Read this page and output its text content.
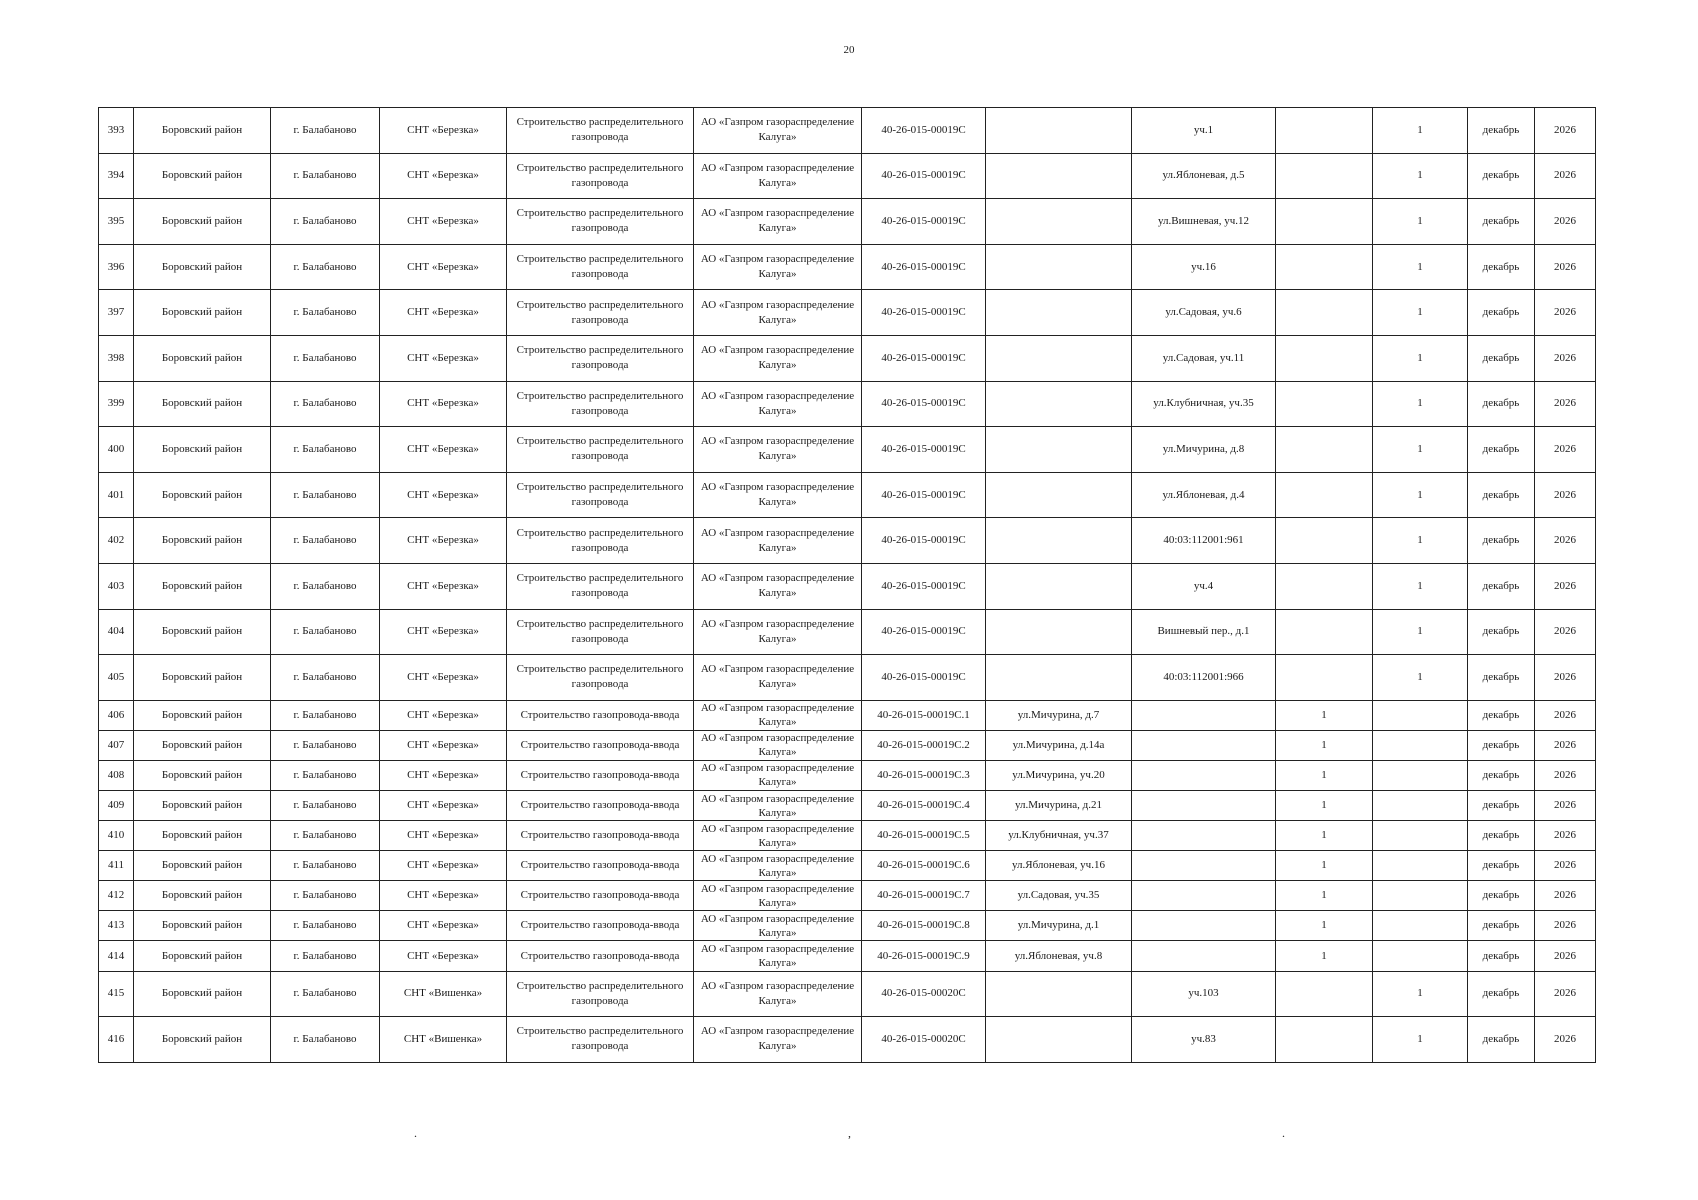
20
393	Боровский район	г. Балабаново	СНТ «Березка»	Строительство распределительного газопровода	АО «Газпром газораспределение Калуга»	40-26-015-00019С		уч.1		1	декабрь	2026
394	Боровский район	г. Балабаново	СНТ «Березка»	Строительство распределительного газопровода	АО «Газпром газораспределение Калуга»	40-26-015-00019С		ул.Яблоневая, д.5		1	декабрь	2026
395	Боровский район	г. Балабаново	СНТ «Березка»	Строительство распределительного газопровода	АО «Газпром газораспределение Калуга»	40-26-015-00019С		ул.Вишневая, уч.12		1	декабрь	2026
396	Боровский район	г. Балабаново	СНТ «Березка»	Строительство распределительного газопровода	АО «Газпром газораспределение Калуга»	40-26-015-00019С		уч.16		1	декабрь	2026
397	Боровский район	г. Балабаново	СНТ «Березка»	Строительство распределительного газопровода	АО «Газпром газораспределение Калуга»	40-26-015-00019С		ул.Садовая, уч.6		1	декабрь	2026
398	Боровский район	г. Балабаново	СНТ «Березка»	Строительство распределительного газопровода	АО «Газпром газораспределение Калуга»	40-26-015-00019С		ул.Садовая, уч.11		1	декабрь	2026
399	Боровский район	г. Балабаново	СНТ «Березка»	Строительство распределительного газопровода	АО «Газпром газораспределение Калуга»	40-26-015-00019С		ул.Клубничная, уч.35		1	декабрь	2026
400	Боровский район	г. Балабаново	СНТ «Березка»	Строительство распределительного газопровода	АО «Газпром газораспределение Калуга»	40-26-015-00019С		ул.Мичурина, д.8		1	декабрь	2026
401	Боровский район	г. Балабаново	СНТ «Березка»	Строительство распределительного газопровода	АО «Газпром газораспределение Калуга»	40-26-015-00019С		ул.Яблоневая, д.4		1	декабрь	2026
402	Боровский район	г. Балабаново	СНТ «Березка»	Строительство распределительного газопровода	АО «Газпром газораспределение Калуга»	40-26-015-00019С		40:03:112001:961		1	декабрь	2026
403	Боровский район	г. Балабаново	СНТ «Березка»	Строительство распределительного газопровода	АО «Газпром газораспределение Калуга»	40-26-015-00019С		уч.4		1	декабрь	2026
404	Боровский район	г. Балабаново	СНТ «Березка»	Строительство распределительного газопровода	АО «Газпром газораспределение Калуга»	40-26-015-00019С		Вишневый пер., д.1		1	декабрь	2026
405	Боровский район	г. Балабаново	СНТ «Березка»	Строительство распределительного газопровода	АО «Газпром газораспределение Калуга»	40-26-015-00019С		40:03:112001:966		1	декабрь	2026
406	Боровский район	г. Балабаново	СНТ «Березка»	Строительство газопровода-ввода	АО «Газпром газораспределение Калуга»	40-26-015-00019С.1	ул.Мичурина, д.7		1		декабрь	2026
407	Боровский район	г. Балабаново	СНТ «Березка»	Строительство газопровода-ввода	АО «Газпром газораспределение Калуга»	40-26-015-00019С.2	ул.Мичурина, д.14а		1		декабрь	2026
408	Боровский район	г. Балабаново	СНТ «Березка»	Строительство газопровода-ввода	АО «Газпром газораспределение Калуга»	40-26-015-00019С.3	ул.Мичурина, уч.20		1		декабрь	2026
409	Боровский район	г. Балабаново	СНТ «Березка»	Строительство газопровода-ввода	АО «Газпром газораспределение Калуга»	40-26-015-00019С.4	ул.Мичурина, д.21		1		декабрь	2026
410	Боровский район	г. Балабаново	СНТ «Березка»	Строительство газопровода-ввода	АО «Газпром газораспределение Калуга»	40-26-015-00019С.5	ул.Клубничная, уч.37		1		декабрь	2026
411	Боровский район	г. Балабаново	СНТ «Березка»	Строительство газопровода-ввода	АО «Газпром газораспределение Калуга»	40-26-015-00019С.6	ул.Яблоневая, уч.16		1		декабрь	2026
412	Боровский район	г. Балабаново	СНТ «Березка»	Строительство газопровода-ввода	АО «Газпром газораспределение Калуга»	40-26-015-00019С.7	ул.Садовая, уч.35		1		декабрь	2026
413	Боровский район	г. Балабаново	СНТ «Березка»	Строительство газопровода-ввода	АО «Газпром газораспределение Калуга»	40-26-015-00019С.8	ул.Мичурина, д.1		1		декабрь	2026
414	Боровский район	г. Балабаново	СНТ «Березка»	Строительство газопровода-ввода	АО «Газпром газораспределение Калуга»	40-26-015-00019С.9	ул.Яблоневая, уч.8		1		декабрь	2026
415	Боровский район	г. Балабаново	СНТ «Вишенка»	Строительство распределительного газопровода	АО «Газпром газораспределение Калуга»	40-26-015-00020С		уч.103		1	декабрь	2026
416	Боровский район	г. Балабаново	СНТ «Вишенка»	Строительство распределительного газопровода	АО «Газпром газораспределение Калуга»	40-26-015-00020С		уч.83		1	декабрь	2026
.	,	.
